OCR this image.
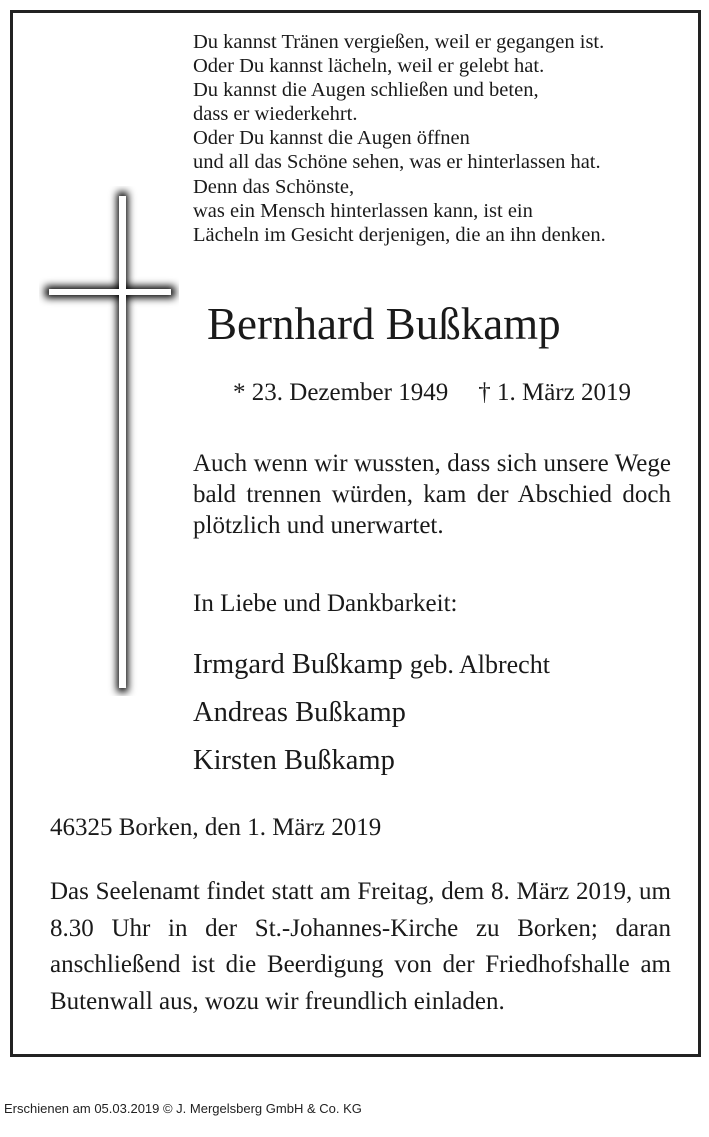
Du kannst Tränen vergießen, weil er gegangen ist.
Oder Du kannst lächeln, weil er gelebt hat.
Du kannst die Augen schließen und beten,
dass er wiederkehrt.
Oder Du kannst die Augen öffnen
und all das Schöne sehen, was er hinterlassen hat.
Denn das Schönste,
was ein Mensch hinterlassen kann, ist ein
Lächeln im Gesicht derjenigen, die an ihn denken.
Bernhard Bußkamp
* 23. Dezember 1949 † 1. März 2019
Auch wenn wir wussten, dass sich unsere Wege bald trennen würden, kam der Abschied doch plötzlich und unerwartet.
In Liebe und Dankbarkeit:
Irmgard Bußkamp geb. Albrecht
Andreas Bußkamp
Kirsten Bußkamp
46325 Borken, den 1. März 2019
Das Seelenamt findet statt am Freitag, dem 8. März 2019, um 8.30 Uhr in der St.-Johannes-Kirche zu Borken; daran anschließend ist die Beerdigung von der Friedhofshalle am Butenwall aus, wozu wir freundlich einladen.
Erschienen am 05.03.2019 © J. Mergelsberg GmbH & Co. KG
